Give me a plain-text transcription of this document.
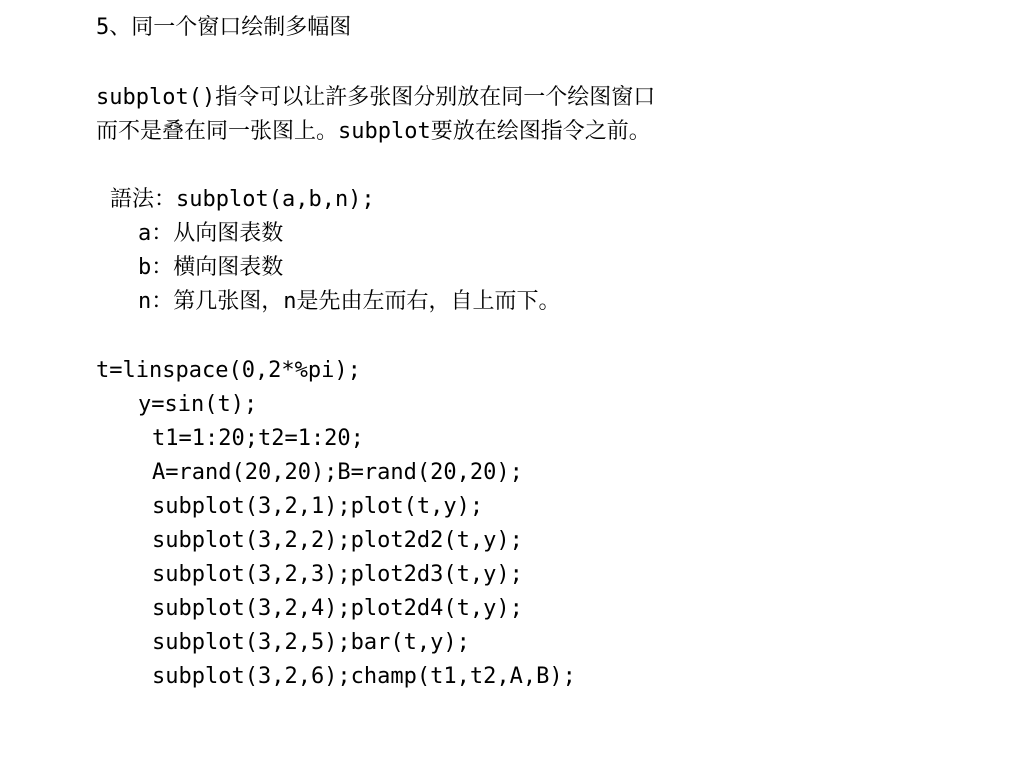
5、同一个窗口绘制多幅图

subplot()指令可以让許多张图分别放在同一个绘图窗口

而不是叠在同一张图上。subplot要放在绘图指令之前。

語法：subplot(a,b,n);

a：从向图表数

b：横向图表数

n：第几张图，n是先由左而右，自上而下。

t=linspace(0,2*%pi);

y=sin(t);

t1=1:20;t2=1:20;

A=rand(20,20);B=rand(20,20);

subplot(3,2,1);plot(t,y);

subplot(3,2,2);plot2d2(t,y);

subplot(3,2,3);plot2d3(t,y);

subplot(3,2,4);plot2d4(t,y);

subplot(3,2,5);bar(t,y);

subplot(3,2,6);champ(t1,t2,A,B);
